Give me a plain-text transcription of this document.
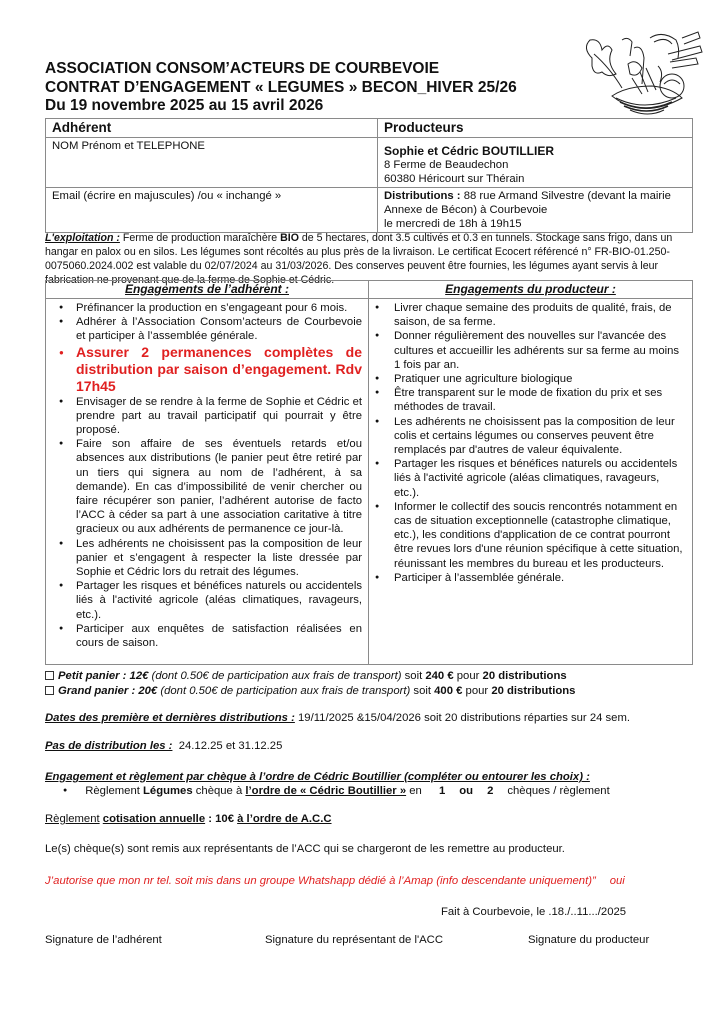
ASSOCIATION CONSOM’ACTEURS DE COURBEVOIE
CONTRAT D’ENGAGEMENT « LEGUMES » BECON_HIVER 25/26
Du 19 novembre 2025 au 15 avril 2026
Adhérent	Producteurs
NOM Prénom et TELEPHONE	Sophie et Cédric BOUTILLIER
8 Ferme de Beaudechon
60380 Héricourt sur Thérain

Email (écrire en majuscules) /ou « inchangé »	Distributions : 88 rue Armand Silvestre (devant la mairie Annexe de Bécon) à Courbevoie
le mercredi de 18h à 19h15
L'exploitation : Ferme de production maraîchère BIO de 5 hectares, dont 3.5 cultivés et 0.3 en tunnels. Stockage sans frigo, dans un hangar en palox ou en silos. Les légumes sont récoltés au plus près de la livraison. Le certificat Ecocert référencé n° FR-BIO-01.250-0075060.2024.002 est valable du 02/07/2024 au 31/03/2026. Des conserves peuvent être fournies, les légumes ayant servis à leur fabrication ne provenant que de la ferme de Sophie et Cédric.
Engagements de l’adhérent :	Engagements du producteur :

● Préfinancer la production en s’engageant pour 6 mois.
● Adhérer à l’Association Consom’acteurs de Courbevoie et participer à l’assemblée générale.
● Assurer 2 permanences complètes de distribution par saison d’engagement. Rdv 17h45
● Envisager de se rendre à la ferme de Sophie et Cédric et prendre part au travail participatif qui pourrait y être proposé.
● Faire son affaire de ses éventuels retards et/ou absences aux distributions (le panier peut être retiré par un tiers qui signera au nom de l’adhérent, à sa demande). En cas d’impossibilité de venir chercher ou faire récupérer son panier, l’adhérent autorise de facto l’ACC à céder sa part à une association caritative à titre gracieux ou aux adhérents de permanence ce jour-là.
● Les adhérents ne choisissent pas la composition de leur panier et s’engagent à respecter la liste dressée par Sophie et Cédric lors du retrait des légumes.
● Partager les risques et bénéfices naturels ou accidentels liés à l'activité agricole (aléas climatiques, ravageurs, etc.).
● Participer aux enquêtes de satisfaction réalisées en cours de saison.

● Livrer chaque semaine des produits de qualité, frais, de saison, de sa ferme.
● Donner régulièrement des nouvelles sur l'avancée des cultures et accueillir les adhérents sur sa ferme au moins 1 fois par an.
● Pratiquer une agriculture biologique
● Être transparent sur le mode de fixation du prix et ses méthodes de travail.
● Les adhérents ne choisissent pas la composition de leur colis et certains légumes ou conserves peuvent être remplacés par d'autres de valeur équivalente.
● Partager les risques et bénéfices naturels ou accidentels liés à l'activité agricole (aléas climatiques, ravageurs, etc.).
● Informer le collectif des soucis rencontrés notamment en cas de situation exceptionnelle (catastrophe climatique, etc.), les conditions d'application de ce contrat pourront être revues lors d'une réunion spécifique à cette situation, réunissant les membres du bureau et les producteurs.
● Participer à l’assemblée générale.
Petit panier : 12€ (dont 0.50€ de participation aux frais de transport) soit 240 € pour 20 distributions
Grand panier : 20€ (dont 0.50€ de participation aux frais de transport) soit 400 € pour 20 distributions
Dates des première et dernières distributions : 19/11/2025 &15/04/2026 soit 20 distributions réparties sur 24 sem.
Pas de distribution les :  24.12.25 et 31.12.25
Engagement et règlement par chèque à l’ordre de Cédric Boutillier (compléter ou entourer les choix) :
● Règlement Légumes chèque à l’ordre de « Cédric Boutillier » en 1 ou 2 chèques / règlement
Règlement cotisation annuelle : 10€ à l’ordre de A.C.C
Le(s) chèque(s) sont remis aux représentants de l’ACC qui se chargeront de les remettre au producteur.
J’autorise que mon nr tel. soit mis dans un groupe Whatshapp dédié à l’Amap (info descendante uniquement)” oui
Fait à Courbevoie, le .18./..11.../2025
Signature de l’adhérent	Signature du représentant de l'ACC	Signature du producteur
